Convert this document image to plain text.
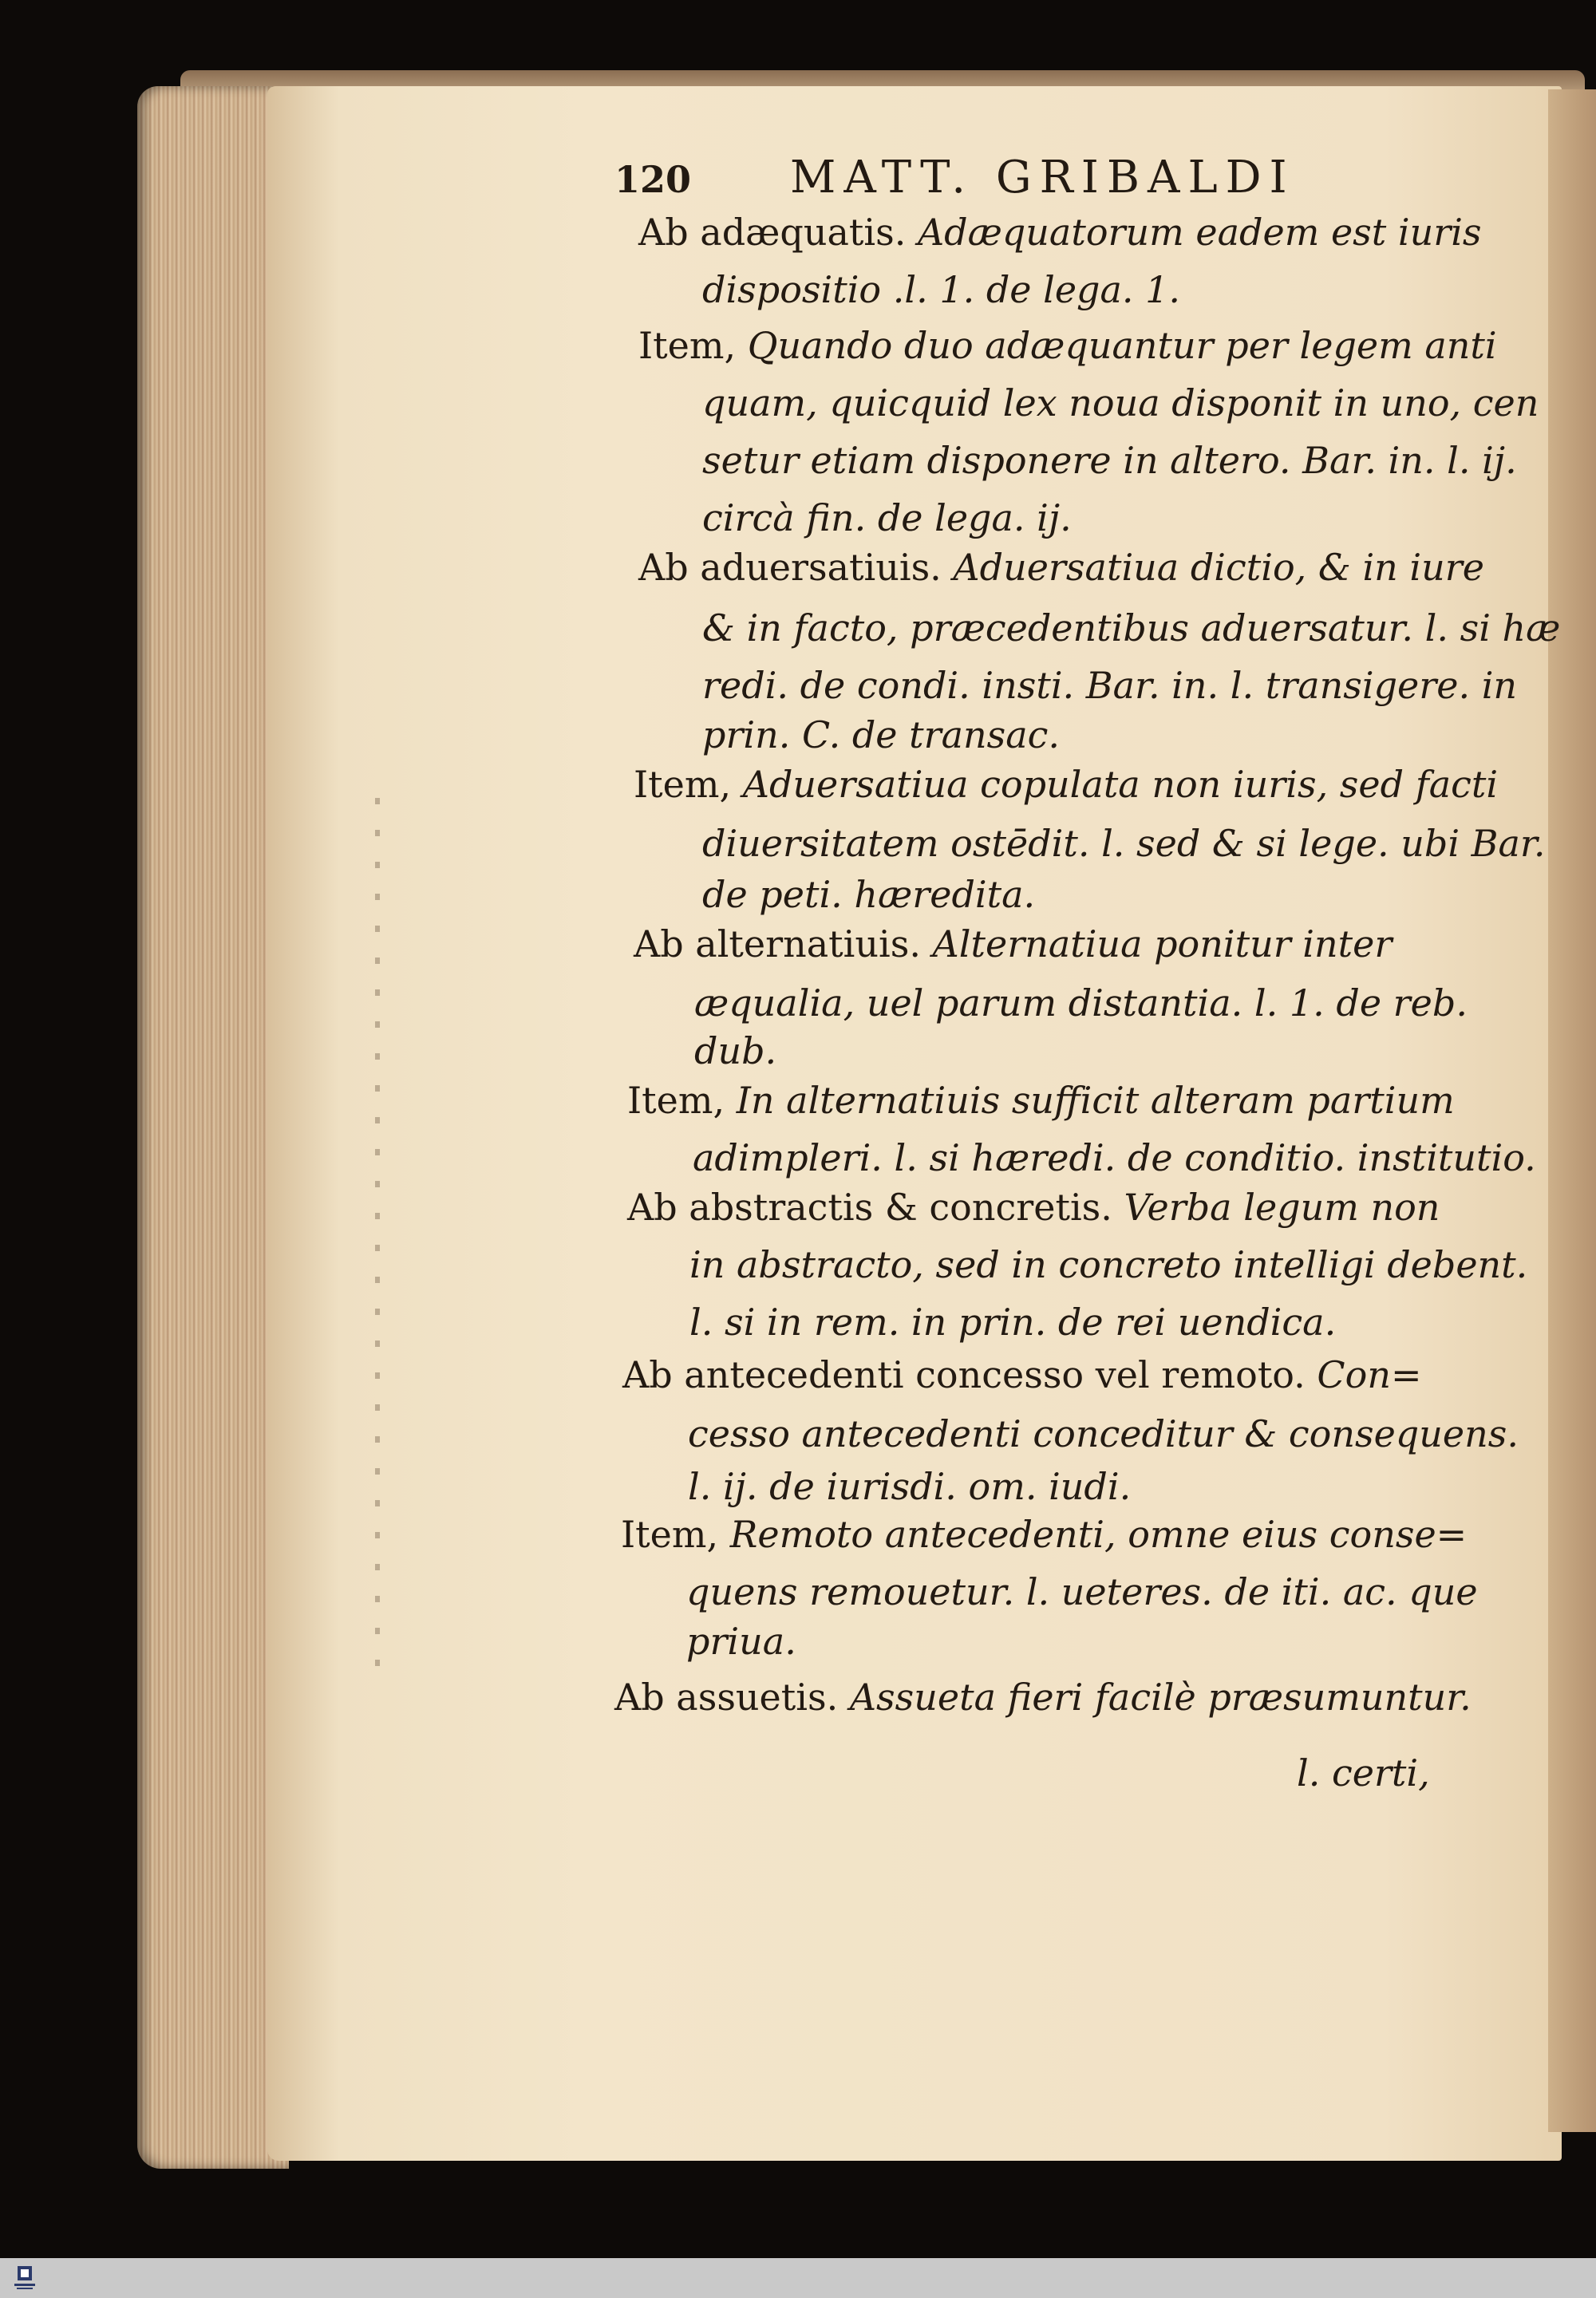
120 MATT. GRIBALDI
Ab adæquatis. Adæquatorum eadem est iuris
dispositio .l. 1. de lega. 1.
Item, Quando duo adæquantur per legem anti
quam, quicquid lex noua disponit in uno, cen
setur etiam disponere in altero. Bar. in. l. ij.
circà fin. de lega. ij.
Ab aduersatiuis. Aduersatiua dictio, & in iure
& in facto, præcedentibus aduersatur. l. si hæ
redi. de condi. insti. Bar. in. l. transigere. in
prin. C. de transac.
Item, Aduersatiua copulata non iuris, sed facti
diuersitatem ostēdit. l. sed & si lege. ubi Bar.
de peti. hæredita.
Ab alternatiuis. Alternatiua ponitur inter
æqualia, uel parum distantia. l. 1. de reb.
dub.
Item, In alternatiuis sufficit alteram partium
adimpleri. l. si hæredi. de conditio. institutio.
Ab abstractis & concretis. Verba legum non
in abstracto, sed in concreto intelligi debent.
l. si in rem. in prin. de rei uendica.
Ab antecedenti concesso vel remoto. Con=
cesso antecedenti conceditur & consequens.
l. ij. de iurisdi. om. iudi.
Item, Remoto antecedenti, omne eius conse=
quens remouetur. l. ueteres. de iti. ac. que
priua.
Ab assuetis. Assueta fieri facilè præsumuntur.
l. certi,
